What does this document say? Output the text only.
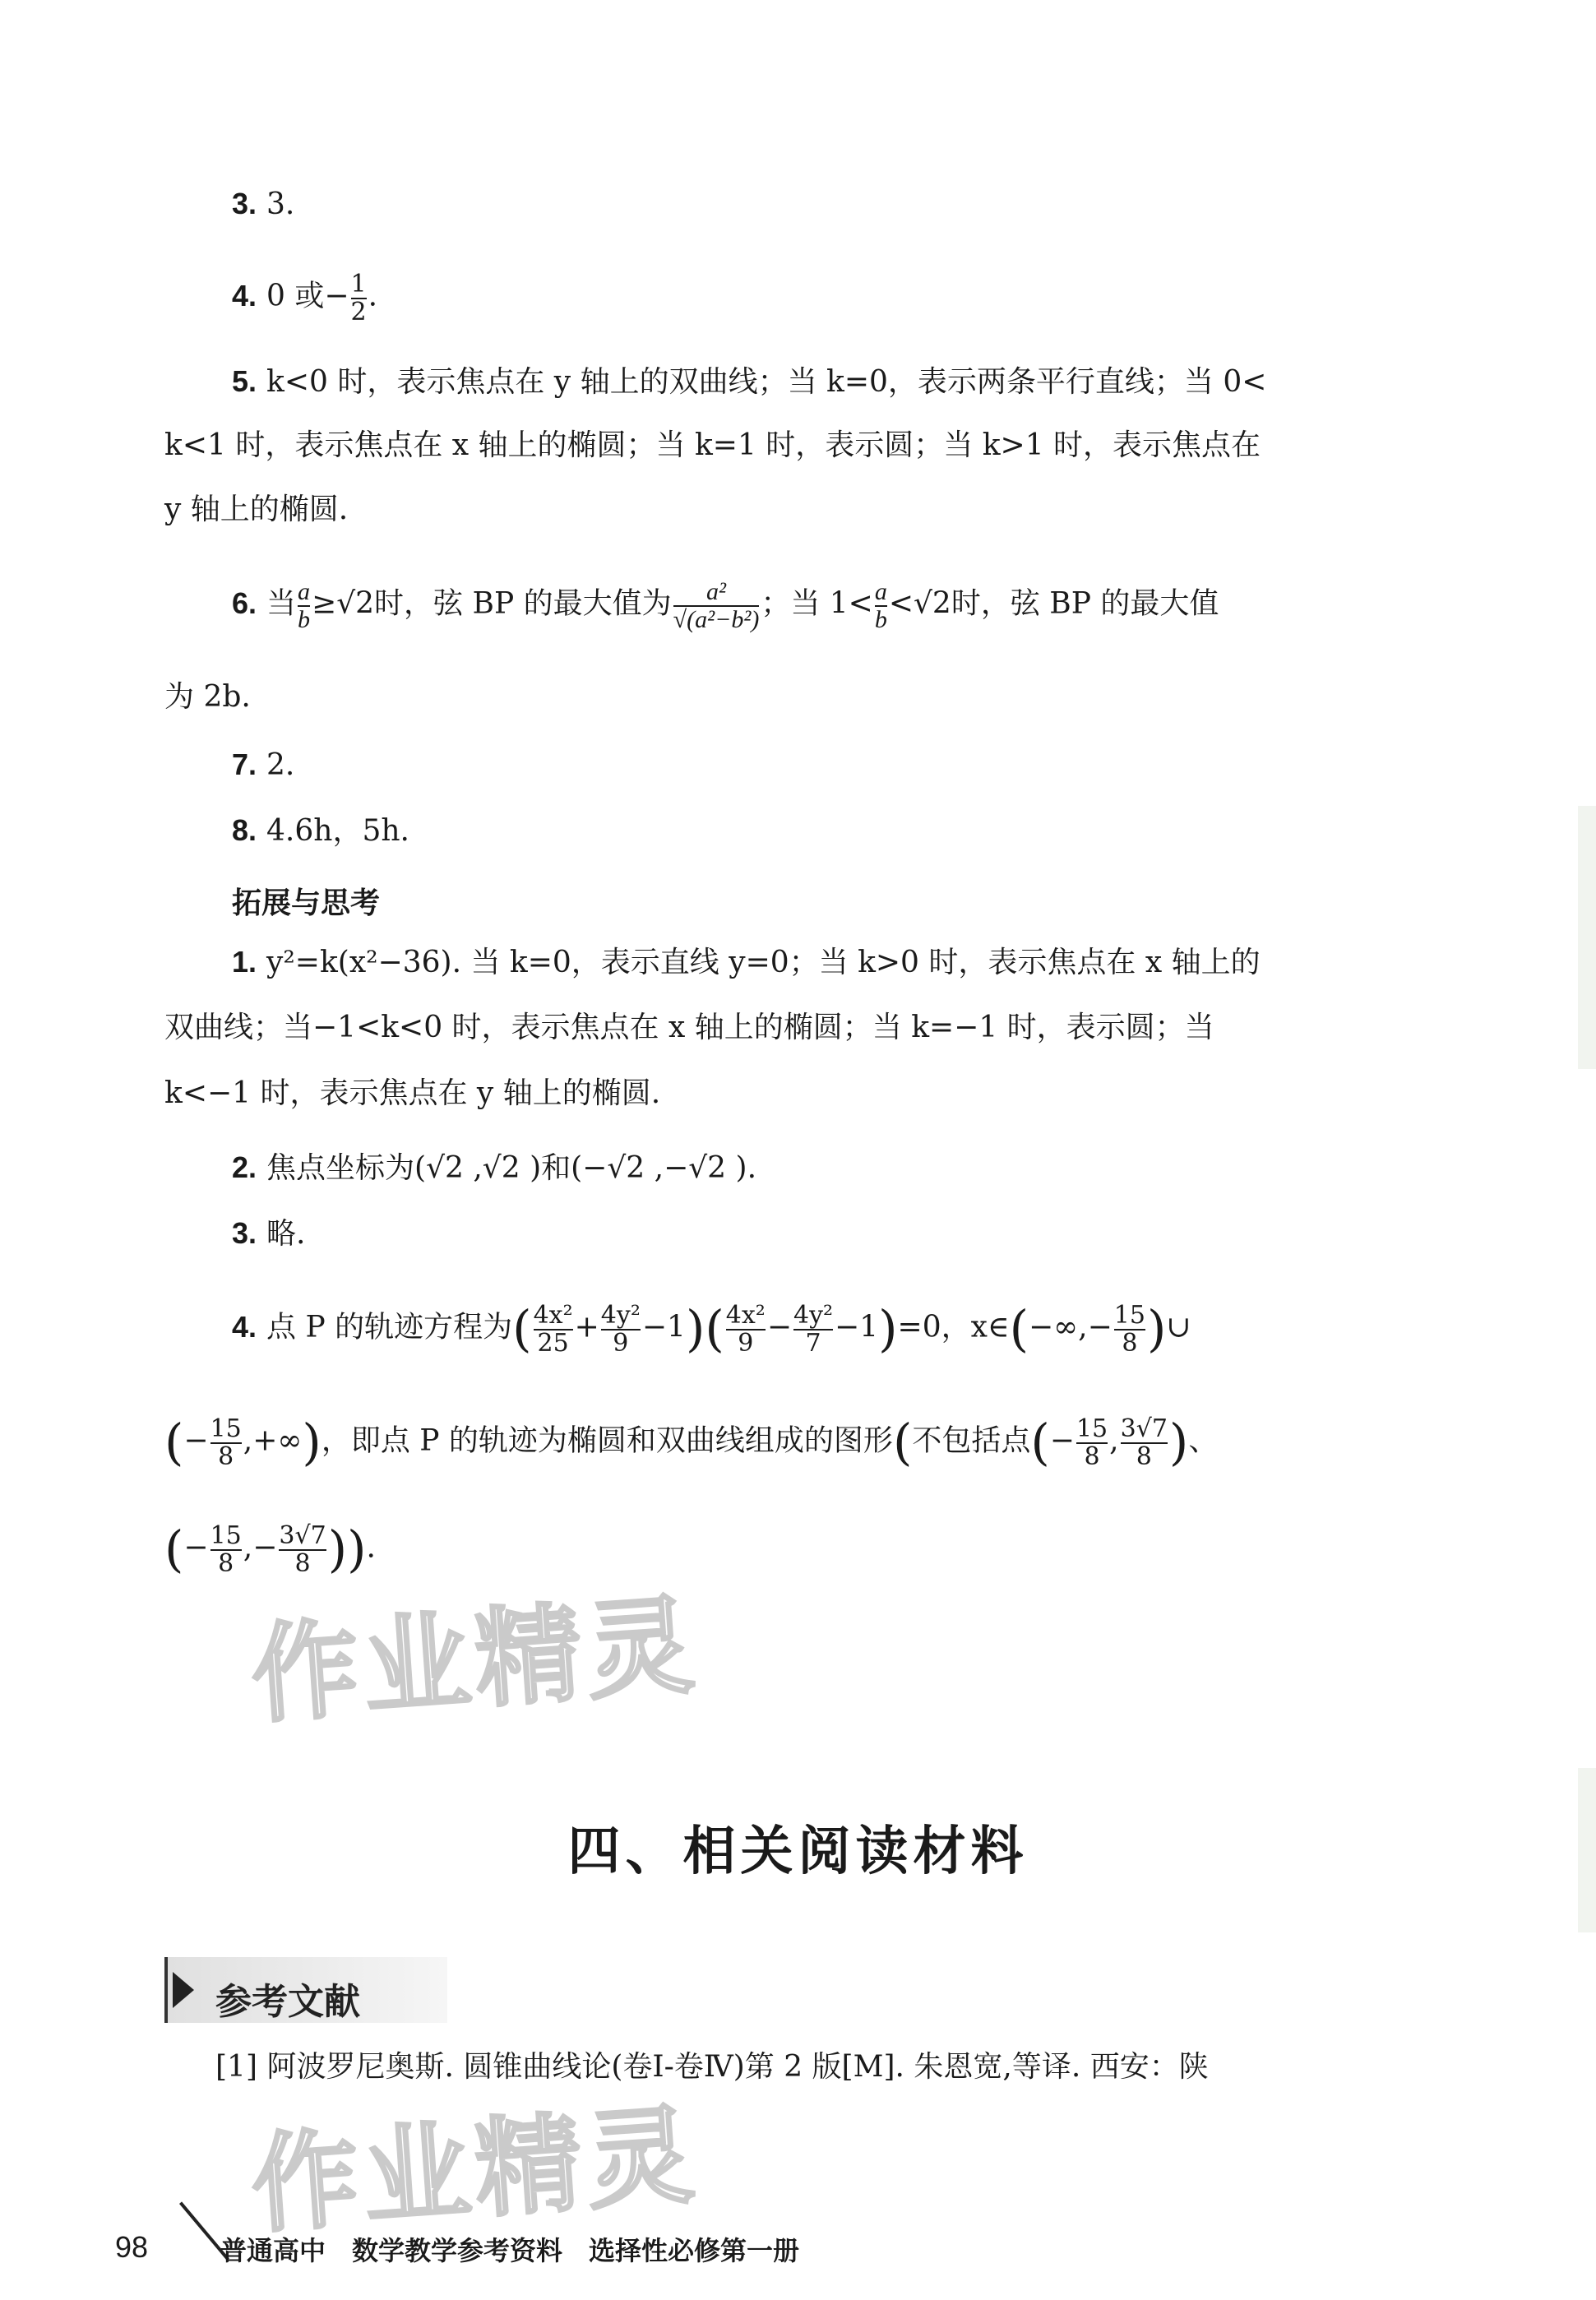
3. 3.
4. 0 或− $\frac{1}{2}$ .
5. k<0 时，表示焦点在 y 轴上的双曲线；当 k=0，表示两条平行直线；当 0<
k<1 时，表示焦点在 x 轴上的椭圆；当 k=1 时，表示圆；当 k>1 时，表示焦点在
y 轴上的椭圆.
6. 当 $\frac{a}{b} \ge√2$时，弦 BP 的最大值为 $\frac{\text{a²}}{\text{√(a²−b²)}}$ ；当 $1< \frac{a}{b} <√2$时，弦 BP 的最大值
为 2b.
7. 2.
8. 4.6h，5h.
拓展与思考
1. y²=k(x²−36). 当 k=0，表示直线 y=0；当 k>0 时，表示焦点在 x 轴上的
双曲线；当−1<k<0 时，表示焦点在 x 轴上的椭圆；当 k=−1 时，表示圆；当
k<−1 时，表示焦点在 y 轴上的椭圆.
2. 焦点坐标为(√2 ,√2 )和(−√2 ,−√2 ).
3. 略.
4. 点 P 的轨迹方程为( $\frac{\text{4x²}}{25} + \frac{\text{4y²}}{9} -1)( \frac{\text{4x²}}{9} - \frac{\text{4y²}}{7} -1)=0$，x∈(−∞,− $\frac{15}{8}$ )∪
(− $\frac{15}{8}$ ,+∞)，即点 P 的轨迹为椭圆和双曲线组成的图形(不包括点(− $\frac{15}{8}$ , $\frac{3√7}{8}$ )、
(− $\frac{15}{8}$ ,− $\frac{3√7}{8}$ )).
作业精灵
作业精灵
四、相关阅读材料
参考文献
[1] 阿波罗尼奥斯. 圆锥曲线论(卷Ⅰ-卷Ⅳ)第 2 版[M]. 朱恩宽,等译. 西安：陕
98	普通高中　数学教学参考资料　选择性必修第一册
